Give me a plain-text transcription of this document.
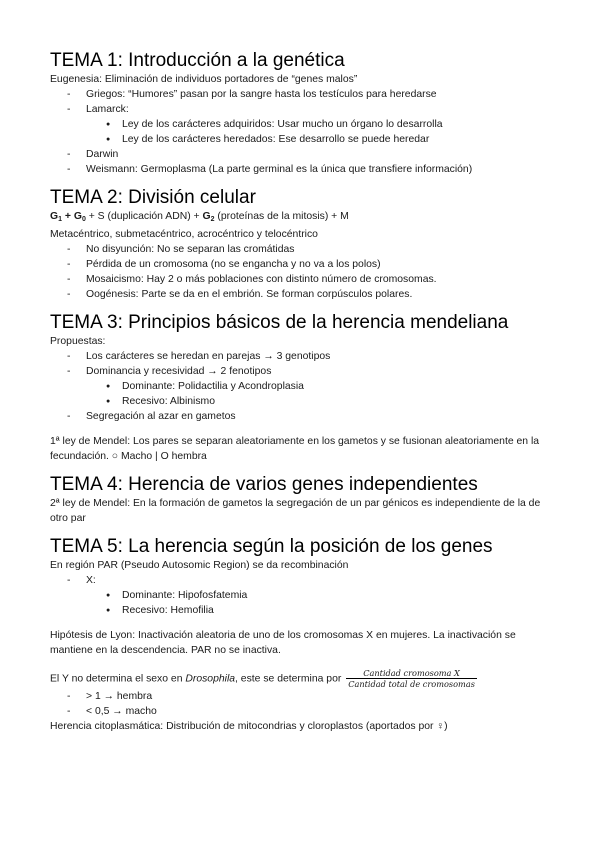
TEMA 1: Introducción a la genética

Eugenesia: Eliminación de individuos portadores de “genes malos”

- Griegos: “Humores” pasan por la sangre hasta los testículos para heredarse
- Lamarck:
● Ley de los carácteres adquiridos: Usar mucho un órgano lo desarrolla
● Ley de los carácteres heredados: Ese desarrollo se puede heredar
- Darwin
- Weismann: Germoplasma (La parte germinal es la única que transfiere información)
TEMA 2: División celular

$G_1 + G_0 + S$ (duplicación $ADN) + G_2$ (proteínas de la mitosis) + M

Metacéntrico, submetacéntrico, acrocéntrico y telocéntrico

- No disyunción: No se separan las cromátidas
- Pérdida de un cromosoma (no se engancha y no va a los polos)
- Mosaicismo: Hay 2 o más poblaciones con distinto número de cromosomas.
- Oogénesis: Parte se da en el embrión. Se forman corpúsculos polares.
TEMA 3: Principios básicos de la herencia mendeliana

Propuestas:

- Los carácteres se heredan en parejas → 3 genotipos
- Dominancia y recesividad → 2 fenotipos
● Dominante: Polidactilia y Acondroplasia
● Recesivo: Albinismo
- Segregación al azar en gametos

1ª ley de Mendel: Los pares se separan aleatoriamente en los gametos y se fusionan aleatoriamente en la fecundación. ○ Macho | O hembra

TEMA 4: Herencia de varios genes independientes

2ª ley de Mendel: En la formación de gametos la segregación de un par génicos es independiente de la de otro par

TEMA 5: La herencia según la posición de los genes

En región PAR (Pseudo Autosomic Region) se da recombinación

- X:
● Dominante: Hipofosfatemia
● Recesivo: Hemofilia

Hipótesis de Lyon: Inactivación aleatoria de uno de los cromosomas X en mujeres. La inactivación se mantiene en la descendencia. PAR no se inactiva.

El Y no determina el sexo en Drosophila, este se determina por $\frac{\text{Cantidad cromosoma X}}{\text{Cantidad total de cromosomas}}$

- > 1 → hembra
- < 0,5 → macho

Herencia citoplasmática: Distribución de mitocondrias y cloroplastos (aportados por ♀)
